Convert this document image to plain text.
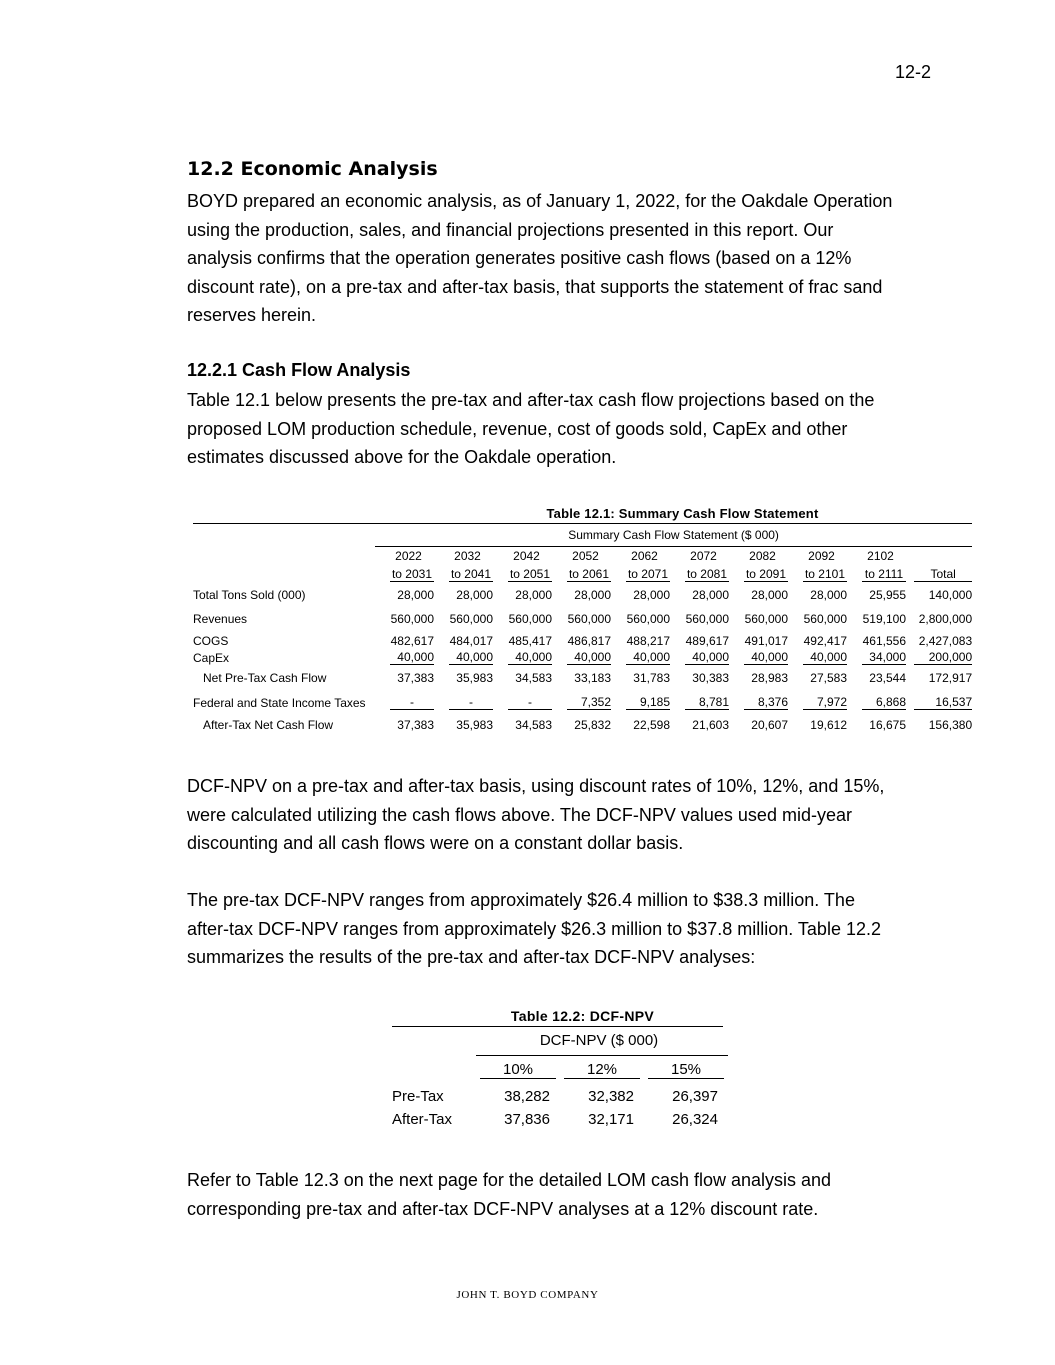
12-2
12.2 Economic Analysis
BOYD prepared an economic analysis, as of January 1, 2022, for the Oakdale Operation
using the production, sales, and financial projections presented in this report. Our
analysis confirms that the operation generates positive cash flows (based on a 12%
discount rate), on a pre-tax and after-tax basis, that supports the statement of frac sand
reserves herein.
12.2.1 Cash Flow Analysis
Table 12.1 below presents the pre-tax and after-tax cash flow projections based on the
proposed LOM production schedule, revenue, cost of goods sold, CapEx and other
estimates discussed above for the Oakdale operation.
Table 12.1: Summary Cash Flow Statement
	Summary Cash Flow Statement ($ 000)									
	2022	2032	2042	2052	2062	2072	2082	2092	2102	
	to 2031	to 2041	to 2051	to 2061	to 2071	to 2081	to 2091	to 2101	to 2111	Total
Total Tons Sold (000)	28,000	28,000	28,000	28,000	28,000	28,000	28,000	28,000	25,955	140,000
Revenues	560,000	560,000	560,000	560,000	560,000	560,000	560,000	560,000	519,100	2,800,000
COGS	482,617	484,017	485,417	486,817	488,217	489,617	491,017	492,417	461,556	2,427,083
CapEx	40,000	40,000	40,000	40,000	40,000	40,000	40,000	40,000	34,000	200,000
Net Pre-Tax Cash Flow	37,383	35,983	34,583	33,183	31,783	30,383	28,983	27,583	23,544	172,917
Federal and State Income Taxes	-	-	-	7,352	9,185	8,781	8,376	7,972	6,868	16,537
After-Tax Net Cash Flow	37,383	35,983	34,583	25,832	22,598	21,603	20,607	19,612	16,675	156,380
DCF-NPV on a pre-tax and after-tax basis, using discount rates of 10%, 12%, and 15%,
were calculated utilizing the cash flows above. The DCF-NPV values used mid-year
discounting and all cash flows were on a constant dollar basis.
The pre-tax DCF-NPV ranges from approximately $26.4 million to $38.3 million. The
after-tax DCF-NPV ranges from approximately $26.3 million to $37.8 million. Table 12.2
summarizes the results of the pre-tax and after-tax DCF-NPV analyses:
Table 12.2: DCF-NPV
	DCF-NPV ($ 000)		
	10%	12%	15%
Pre-Tax	38,282	32,382	26,397
After-Tax	37,836	32,171	26,324
Refer to Table 12.3 on the next page for the detailed LOM cash flow analysis and
corresponding pre-tax and after-tax DCF-NPV analyses at a 12% discount rate.
JOHN T. BOYD COMPANY
